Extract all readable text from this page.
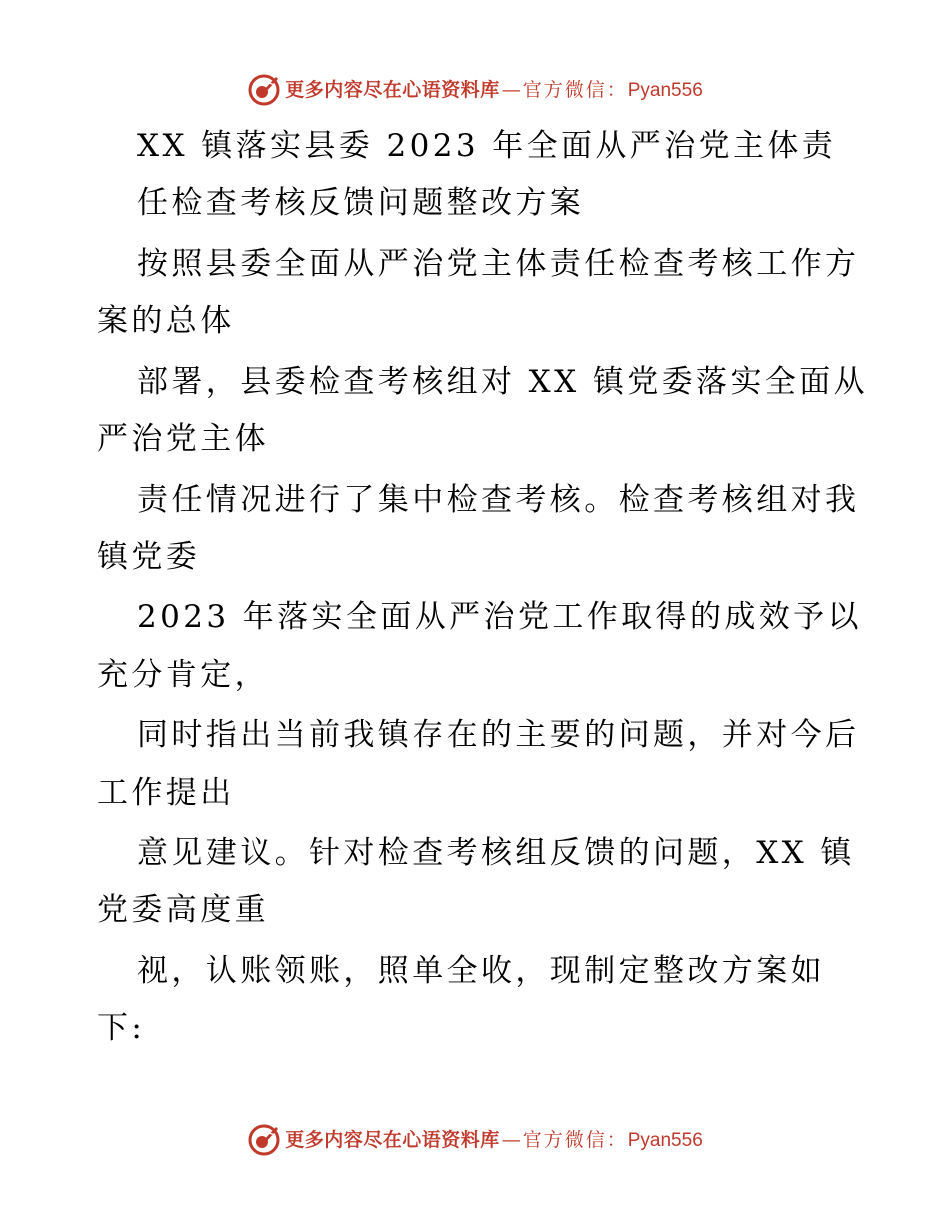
更多内容尽在心语资料库 — 官方微信： Pyan556
XX 镇落实县委 2023 年全面从严治党主体责
任检查考核反馈问题整改方案
按照县委全面从严治党主体责任检查考核工作方
案的总体
部署，县委检查考核组对 XX 镇党委落实全面从
严治党主体
责任情况进行了集中检查考核。检查考核组对我
镇党委
2023 年落实全面从严治党工作取得的成效予以
充分肯定，
同时指出当前我镇存在的主要的问题，并对今后
工作提出
意见建议。针对检查考核组反馈的问题，XX 镇
党委高度重
视，认账领账，照单全收，现制定整改方案如
下:
更多内容尽在心语资料库 — 官方微信： Pyan556
